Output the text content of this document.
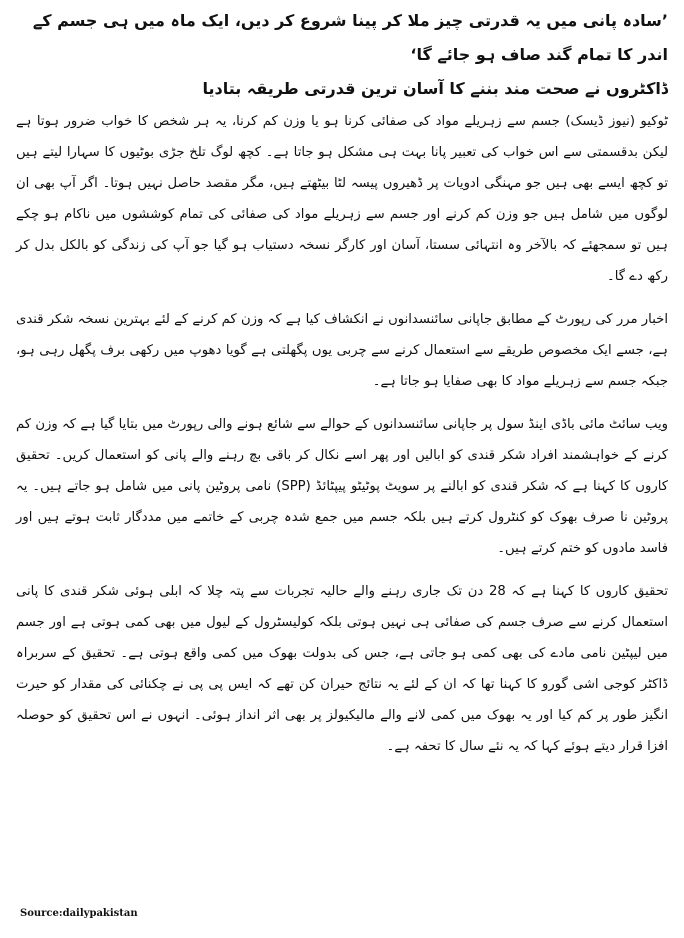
’سادہ پانی میں یہ قدرتی چیز ملا کر پینا شروع کر دیں، ایک ماہ میں ہی جسم کے اندر کا تمام گند صاف ہو جائے گا‘
ڈاکٹروں نے صحت مند بننے کا آسان ترین قدرتی طریقہ بتادیا

ٹوکیو (نیوز ڈیسک) جسم سے زہریلے مواد کی صفائی کرنا ہو یا وزن کم کرنا، یہ ہر شخص کا خواب ضرور ہوتا ہے لیکن بدقسمتی سے اس خواب کی تعبیر پانا بہت ہی مشکل ہو جاتا ہے۔ کچھ لوگ تلخ جڑی بوٹیوں کا سہارا لیتے ہیں تو کچھ ایسے بھی ہیں جو مہنگی ادویات پر ڈھیروں پیسہ لٹا بیٹھتے ہیں، مگر مقصد حاصل نہیں ہوتا۔ اگر آپ بھی ان لوگوں میں شامل ہیں جو وزن کم کرنے اور جسم سے زہریلے مواد کی صفائی کی تمام کوششوں میں ناکام ہو چکے ہیں تو سمجھئے کہ بالآخر وہ انتہائی سستا، آسان اور کارگر نسخہ دستیاب ہو گیا جو آپ کی زندگی کو بالکل بدل کر رکھ دے گا۔

اخبار مرر کی رپورٹ کے مطابق جاپانی سائنسدانوں نے انکشاف کیا ہے کہ وزن کم کرنے کے لئے بہترین نسخہ شکر قندی ہے، جسے ایک مخصوص طریقے سے استعمال کرنے سے چربی یوں پگھلتی ہے گویا دھوپ میں رکھی برف پگھل رہی ہو، جبکہ جسم سے زہریلے مواد کا بھی صفایا ہو جاتا ہے۔

ویب سائٹ مائی باڈی اینڈ سول پر جاپانی سائنسدانوں کے حوالے سے شائع ہونے والی رپورٹ میں بتایا گیا ہے کہ وزن کم کرنے کے خواہشمند افراد شکر قندی کو ابالیں اور پھر اسے نکال کر باقی بچ رہنے والے پانی کو استعمال کریں۔ تحقیق کاروں کا کہنا ہے کہ شکر قندی کو ابالنے پر سویٹ پوٹیٹو پیپٹائڈ (SPP) نامی پروٹین پانی میں شامل ہو جاتے ہیں۔ یہ پروٹین نا صرف بھوک کو کنٹرول کرتے ہیں بلکہ جسم میں جمع شدہ چربی کے خاتمے میں مددگار ثابت ہوتے ہیں اور فاسد مادوں کو ختم کرتے ہیں۔

تحقیق کاروں کا کہنا ہے کہ 28 دن تک جاری رہنے والے حالیہ تجربات سے پتہ چلا کہ ابلی ہوئی شکر قندی کا پانی استعمال کرنے سے صرف جسم کی صفائی ہی نہیں ہوتی بلکہ کولیسٹرول کے لیول میں بھی کمی ہوتی ہے اور جسم میں لیپٹین نامی مادے کی بھی کمی ہو جاتی ہے، جس کی بدولت بھوک میں کمی واقع ہوتی ہے۔ تحقیق کے سربراہ ڈاکٹر کوجی اشی گورو کا کہنا تھا کہ ان کے لئے یہ نتائج حیران کن تھے کہ ایس پی پی نے چکنائی کی مقدار کو حیرت انگیز طور پر کم کیا اور یہ بھوک میں کمی لانے والے مالیکیولز پر بھی اثر انداز ہوئی۔ انہوں نے اس تحقیق کو حوصلہ افزا قرار دیتے ہوئے کہا کہ یہ نئے سال کا تحفہ ہے۔

Source:dailypakistan
